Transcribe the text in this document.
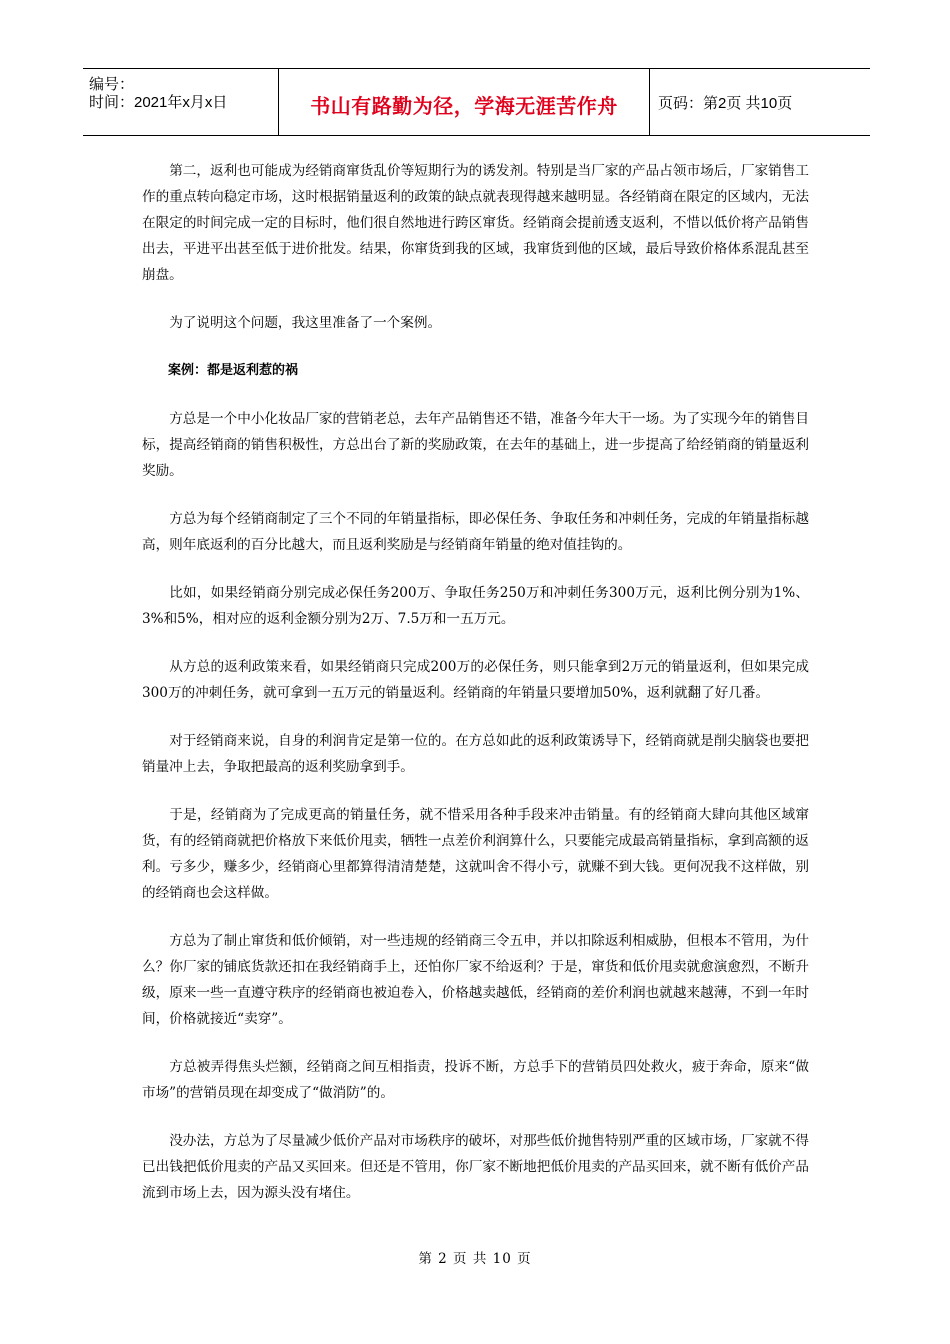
编号：
时间：2021年x月x日	书山有路勤为径，学海无涯苦作舟	页码：第2页 共10页

第二，返利也可能成为经销商窜货乱价等短期行为的诱发剂。特别是当厂家的产品占领市场后，厂家销售工作的重点转向稳定市场，这时根据销量返利的政策的缺点就表现得越来越明显。各经销商在限定的区域内，无法在限定的时间完成一定的目标时，他们很自然地进行跨区窜货。经销商会提前透支返利，不惜以低价将产品销售出去，平进平出甚至低于进价批发。结果，你窜货到我的区域，我窜货到他的区域，最后导致价格体系混乱甚至崩盘。

为了说明这个问题，我这里准备了一个案例。

案例：都是返利惹的祸

方总是一个中小化妆品厂家的营销老总，去年产品销售还不错，准备今年大干一场。为了实现今年的销售目标，提高经销商的销售积极性，方总出台了新的奖励政策，在去年的基础上，进一步提高了给经销商的销量返利奖励。

方总为每个经销商制定了三个不同的年销量指标，即必保任务、争取任务和冲刺任务，完成的年销量指标越高，则年底返利的百分比越大，而且返利奖励是与经销商年销量的绝对值挂钩的。

比如，如果经销商分别完成必保任务200万、争取任务250万和冲刺任务300万元，返利比例分别为1%、3%和5%，相对应的返利金额分别为2万、7.5万和一五万元。

从方总的返利政策来看，如果经销商只完成200万的必保任务，则只能拿到2万元的销量返利，但如果完成300万的冲刺任务，就可拿到一五万元的销量返利。经销商的年销量只要增加50%，返利就翻了好几番。

对于经销商来说，自身的利润肯定是第一位的。在方总如此的返利政策诱导下，经销商就是削尖脑袋也要把销量冲上去，争取把最高的返利奖励拿到手。

于是，经销商为了完成更高的销量任务，就不惜采用各种手段来冲击销量。有的经销商大肆向其他区域窜货，有的经销商就把价格放下来低价甩卖，牺牲一点差价利润算什么，只要能完成最高销量指标，拿到高额的返利。亏多少，赚多少，经销商心里都算得清清楚楚，这就叫舍不得小亏，就赚不到大钱。更何况我不这样做，别的经销商也会这样做。

方总为了制止窜货和低价倾销，对一些违规的经销商三令五申，并以扣除返利相威胁，但根本不管用，为什么？你厂家的铺底货款还扣在我经销商手上，还怕你厂家不给返利？于是，窜货和低价甩卖就愈演愈烈，不断升级，原来一些一直遵守秩序的经销商也被迫卷入，价格越卖越低，经销商的差价利润也就越来越薄，不到一年时间，价格就接近“卖穿”。

方总被弄得焦头烂额，经销商之间互相指责，投诉不断，方总手下的营销员四处救火，疲于奔命，原来“做市场”的营销员现在却变成了“做消防”的。

没办法，方总为了尽量减少低价产品对市场秩序的破坏，对那些低价抛售特别严重的区域市场，厂家就不得已出钱把低价甩卖的产品又买回来。但还是不管用，你厂家不断地把低价甩卖的产品买回来，就不断有低价产品流到市场上去，因为源头没有堵住。

第 2 页 共 10 页
